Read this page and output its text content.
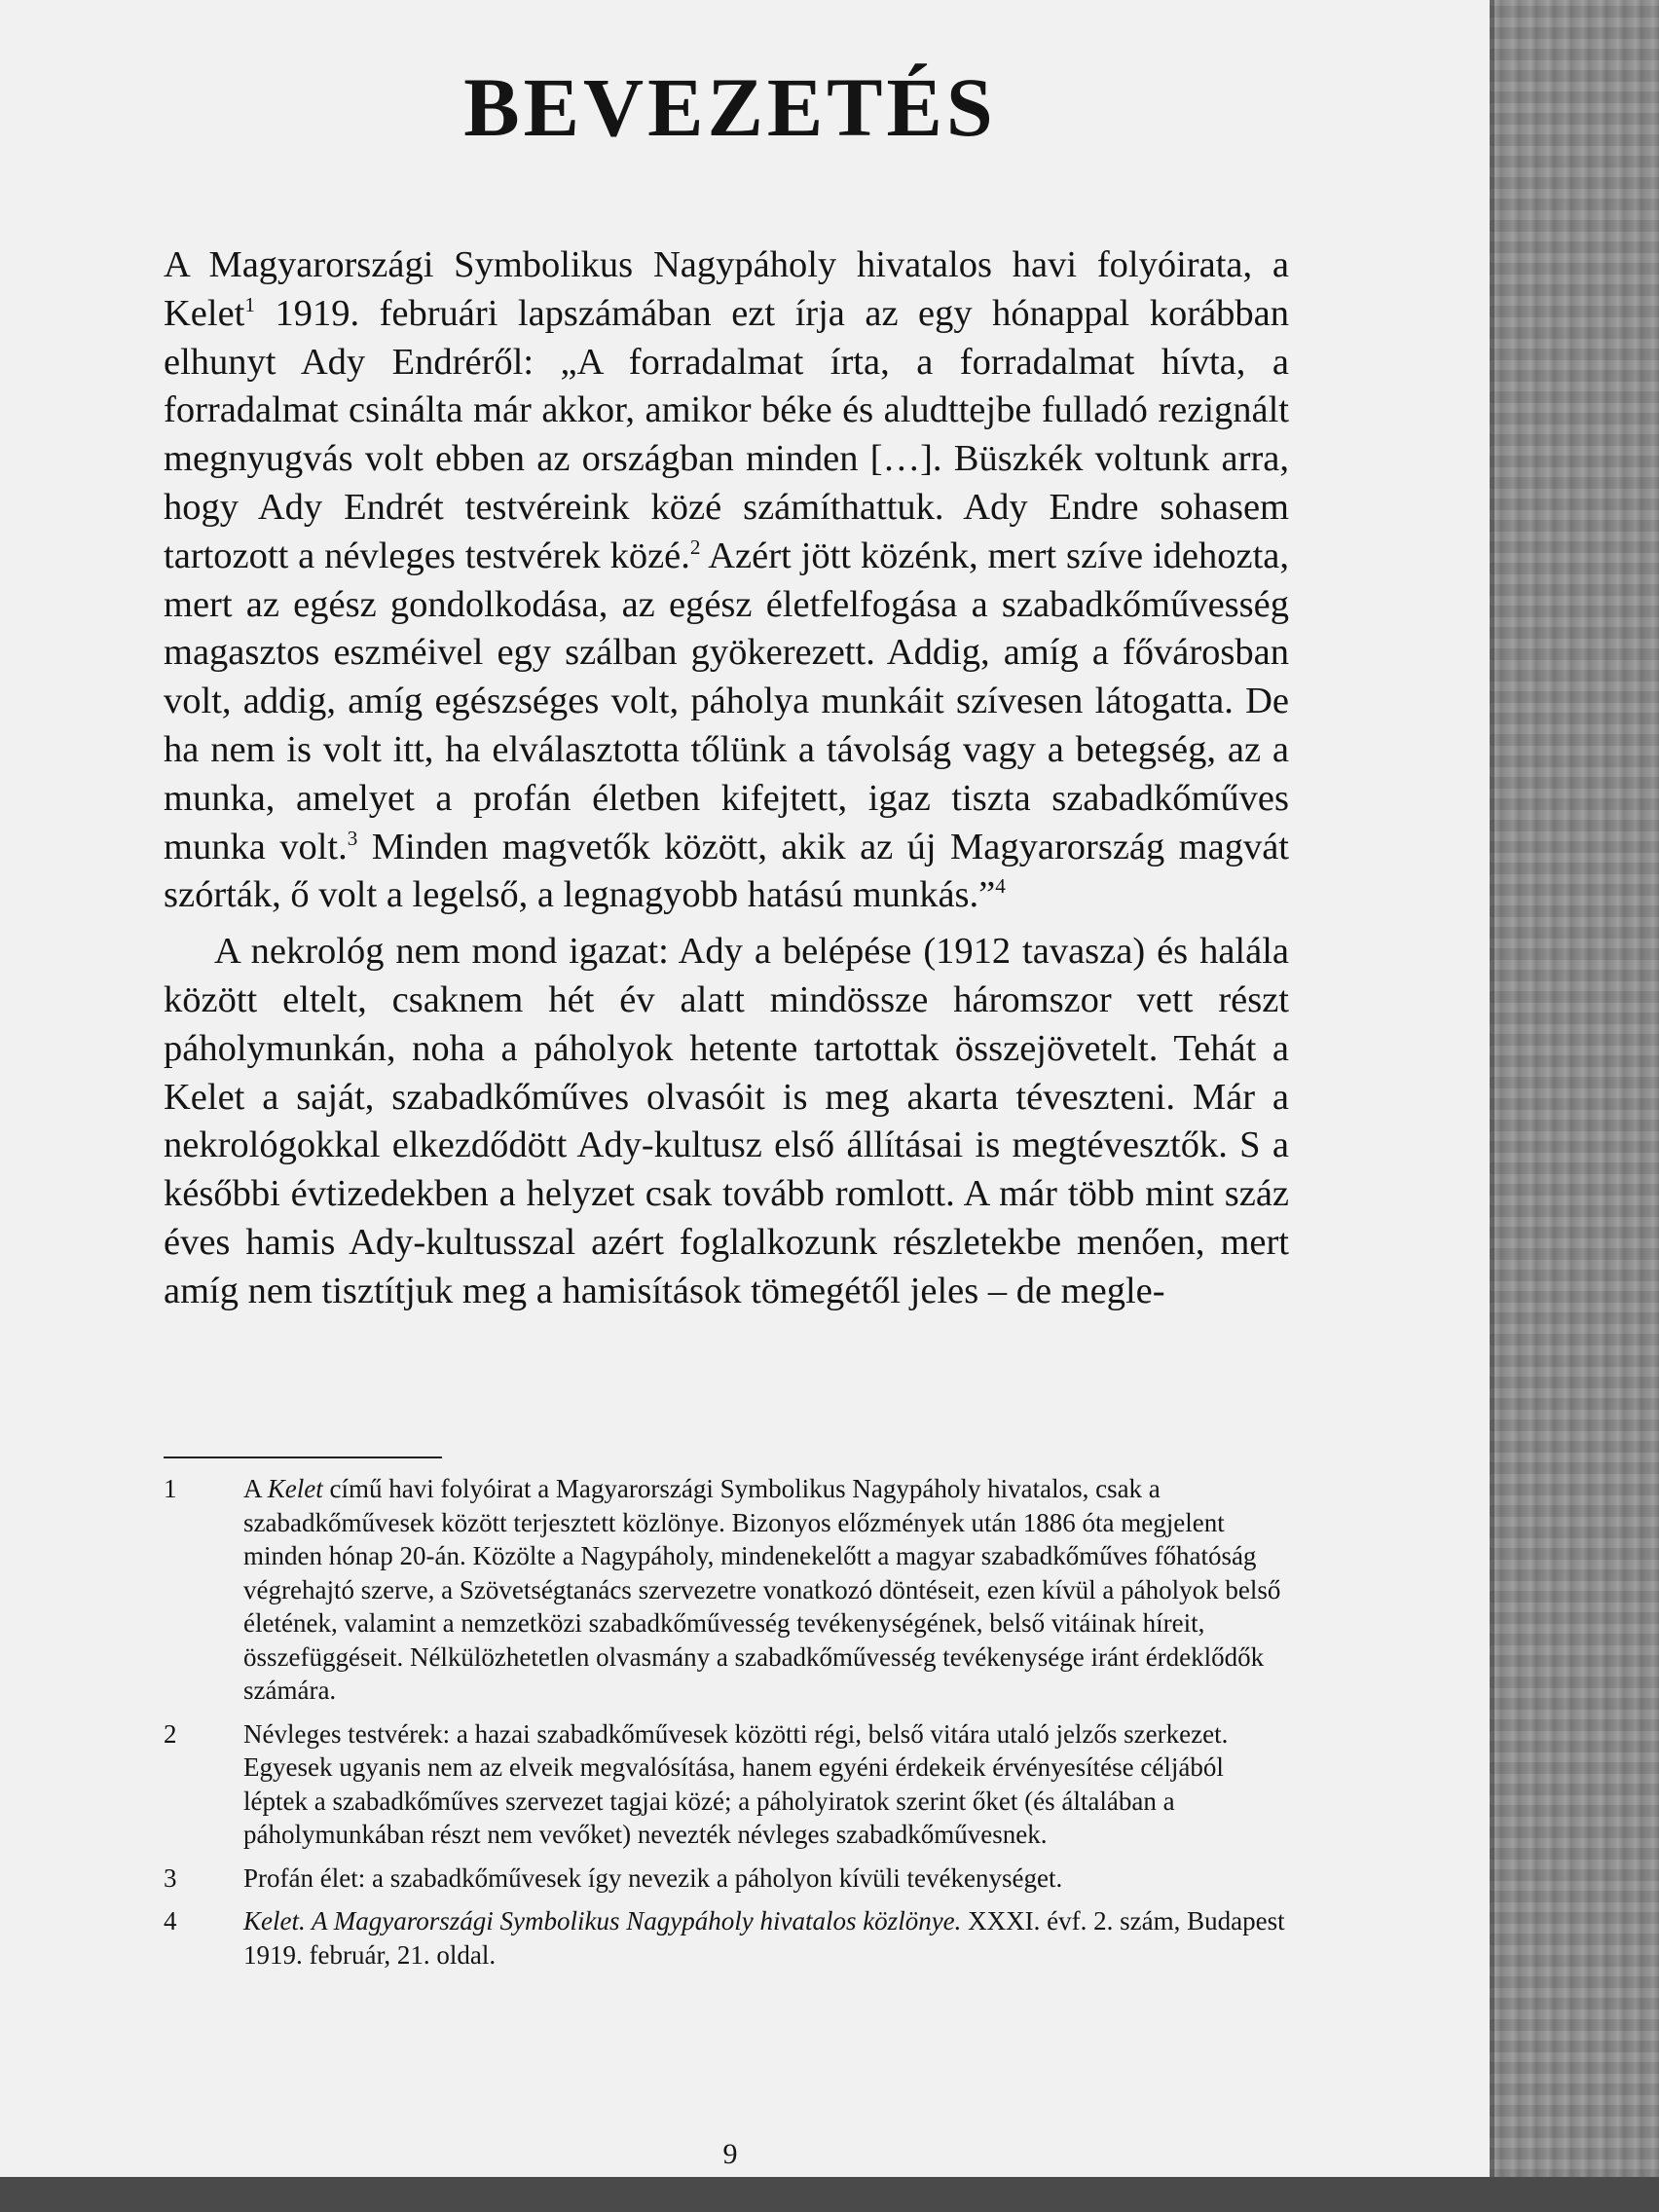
BEVEZETÉS

A Magyarországi Symbolikus Nagypáholy hivatalos havi folyóirata, a Kelet$^1$ 1919. februári lapszámában ezt írja az egy hónappal korábban elhunyt Ady Endréről: „A forradalmat írta, a forradalmat hívta, a forradalmat csinálta már akkor, amikor béke és aludttejbe fulladó rezignált megnyugvás volt ebben az országban minden […]. Büszkék voltunk arra, hogy Ady Endrét testvéreink közé számíthattuk. Ady Endre sohasem tartozott a névleges testvérek közé.$^2$ Azért jött közénk, mert szíve idehozta, mert az egész gondolkodása, az egész életfelfogása a szabadkőművesség magasztos eszméivel egy szálban gyökerezett. Addig, amíg a fővárosban volt, addig, amíg egészséges volt, páholya munkáit szívesen látogatta. De ha nem is volt itt, ha elválasztotta tőlünk a távolság vagy a betegség, az a munka, amelyet a profán életben kifejtett, igaz tiszta szabadkőműves munka volt.$^3$ Minden magvetők között, akik az új Magyarország magvát szórták, ő volt a legelső, a legnagyobb hatású munkás.”$^4$

A nekrológ nem mond igazat: Ady a belépése (1912 tavasza) és halála között eltelt, csaknem hét év alatt mindössze háromszor vett részt páholymunkán, noha a páholyok hetente tartottak összejövetelt. Tehát a Kelet a saját, szabadkőműves olvasóit is meg akarta téveszteni. Már a nekrológokkal elkezdődött Ady-kultusz első állításai is megtévesztők. S a későbbi évtizedekben a helyzet csak tovább romlott. A már több mint száz éves hamis Ady-kultusszal azért foglalkozunk részletekbe menően, mert amíg nem tisztítjuk meg a hamisítások tömegétől jeles – de megle-

1	A Kelet című havi folyóirat a Magyarországi Symbolikus Nagypáholy hivatalos, csak a szabadkőművesek között terjesztett közlönye. Bizonyos előzmények után 1886 óta megjelent minden hónap 20-án. Közölte a Nagypáholy, mindenekelőtt a magyar szabadkőműves főhatóság végrehajtó szerve, a Szövetségtanács szervezetre vonatkozó döntéseit, ezen kívül a páholyok belső életének, valamint a nemzetközi szabadkőművesség tevékenységének, belső vitáinak híreit, összefüggéseit. Nélkülözhetetlen olvasmány a szabadkőművesség tevékenysége iránt érdeklődők számára.
2	Névleges testvérek: a hazai szabadkőművesek közötti régi, belső vitára utaló jelzős szerkezet. Egyesek ugyanis nem az elveik megvalósítása, hanem egyéni érdekeik érvényesítése céljából léptek a szabadkőműves szervezet tagjai közé; a páholyiratok szerint őket (és általában a páholymunkában részt nem vevőket) nevezték névleges szabadkőművesnek.
3	Profán élet: a szabadkőművesek így nevezik a páholyon kívüli tevékenységet.
4	Kelet. A Magyarországi Symbolikus Nagypáholy hivatalos közlönye. XXXI. évf. 2. szám, Budapest 1919. február, 21. oldal.
9
